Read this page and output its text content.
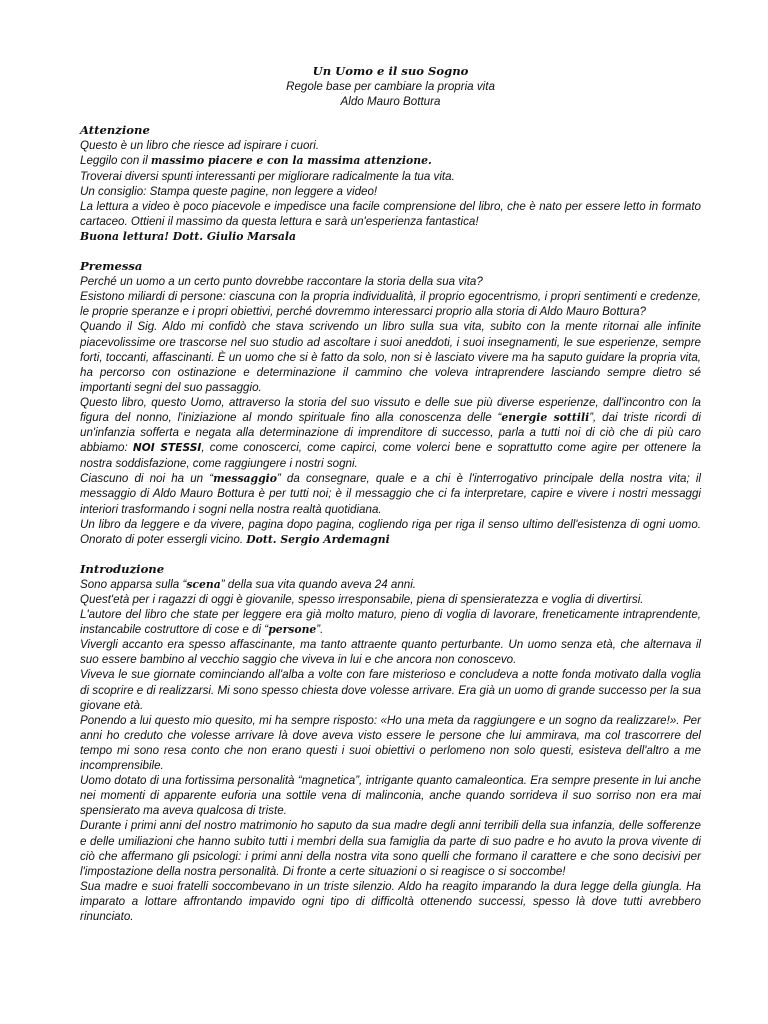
Un Uomo e il suo Sogno
Regole base per cambiare la propria vita
Aldo Mauro Bottura
Attenzione

Questo è un libro che riesce ad ispirare i cuori.

Leggilo con il massimo piacere e con la massima attenzione.

Troverai diversi spunti interessanti per migliorare radicalmente la tua vita.

Un consiglio: Stampa queste pagine, non leggere a video!

La lettura a video è poco piacevole e impedisce una facile comprensione del libro, che è nato per essere letto in formato cartaceo. Ottieni il massimo da questa lettura e sarà un'esperienza fantastica!

Buona lettura! Dott. Giulio Marsala

Premessa

Perché un uomo a un certo punto dovrebbe raccontare la storia della sua vita?

Esistono miliardi di persone: ciascuna con la propria individualità, il proprio egocentrismo, i propri sentimenti e credenze, le proprie speranze e i propri obiettivi, perché dovremmo interessarci proprio alla storia di Aldo Mauro Bottura?

Quando il Sig. Aldo mi confidò che stava scrivendo un libro sulla sua vita, subito con la mente ritornai alle infinite piacevolissime ore trascorse nel suo studio ad ascoltare i suoi aneddoti, i suoi insegnamenti, le sue esperienze, sempre forti, toccanti, affascinanti. È un uomo che si è fatto da solo, non si è lasciato vivere ma ha saputo guidare la propria vita, ha percorso con ostinazione e determinazione il cammino che voleva intraprendere lasciando sempre dietro sé importanti segni del suo passaggio.

Questo libro, questo Uomo, attraverso la storia del suo vissuto e delle sue più diverse esperienze, dall'incontro con la figura del nonno, l'iniziazione al mondo spirituale fino alla conoscenza delle “energie sottili”, dai triste ricordi di un'infanzia sofferta e negata alla determinazione di imprenditore di successo, parla a tutti noi di ciò che di più caro abbiamo: NOI STESSI, come conoscerci, come capirci, come volerci bene e soprattutto come agire per ottenere la nostra soddisfazione, come raggiungere i nostri sogni.

Ciascuno di noi ha un “messaggio” da consegnare, quale e a chi è l'interrogativo principale della nostra vita; il messaggio di Aldo Mauro Bottura è per tutti noi; è il messaggio che ci fa interpretare, capire e vivere i nostri messaggi interiori trasformando i sogni nella nostra realtà quotidiana.

Un libro da leggere e da vivere, pagina dopo pagina, cogliendo riga per riga il senso ultimo dell'esistenza di ogni uomo. Onorato di poter essergli vicino. Dott. Sergio Ardemagni

Introduzione

Sono apparsa sulla “scena” della sua vita quando aveva 24 anni.

Quest'età per i ragazzi di oggi è giovanile, spesso irresponsabile, piena di spensieratezza e voglia di divertirsi.

L'autore del libro che state per leggere era già molto maturo, pieno di voglia di lavorare, freneticamente intraprendente, instancabile costruttore di cose e di “persone”.

Vivergli accanto era spesso affascinante, ma tanto attraente quanto perturbante. Un uomo senza età, che alternava il suo essere bambino al vecchio saggio che viveva in lui e che ancora non conoscevo.

Viveva le sue giornate cominciando all'alba a volte con fare misterioso e concludeva a notte fonda motivato dalla voglia di scoprire e di realizzarsi. Mi sono spesso chiesta dove volesse arrivare. Era già un uomo di grande successo per la sua giovane età.

Ponendo a lui questo mio quesito, mi ha sempre risposto: «Ho una meta da raggiungere e un sogno da realizzare!». Per anni ho creduto che volesse arrivare là dove aveva visto essere le persone che lui ammirava, ma col trascorrere del tempo mi sono resa conto che non erano questi i suoi obiettivi o perlomeno non solo questi, esisteva dell'altro a me incomprensibile.

Uomo dotato di una fortissima personalità “magnetica”, intrigante quanto camaleontica. Era sempre presente in lui anche nei momenti di apparente euforia una sottile vena di malinconia, anche quando sorrideva il suo sorriso non era mai spensierato ma aveva qualcosa di triste.

Durante i primi anni del nostro matrimonio ho saputo da sua madre degli anni terribili della sua infanzia, delle sofferenze e delle umiliazioni che hanno subito tutti i membri della sua famiglia da parte di suo padre e ho avuto la prova vivente di ciò che affermano gli psicologi: i primi anni della nostra vita sono quelli che formano il carattere e che sono decisivi per l'impostazione della nostra personalità. Di fronte a certe situazioni o si reagisce o si soccombe!

Sua madre e suoi fratelli soccombevano in un triste silenzio. Aldo ha reagito imparando la dura legge della giungla. Ha imparato a lottare affrontando impavido ogni tipo di difficoltà ottenendo successi, spesso là dove tutti avrebbero rinunciato.
